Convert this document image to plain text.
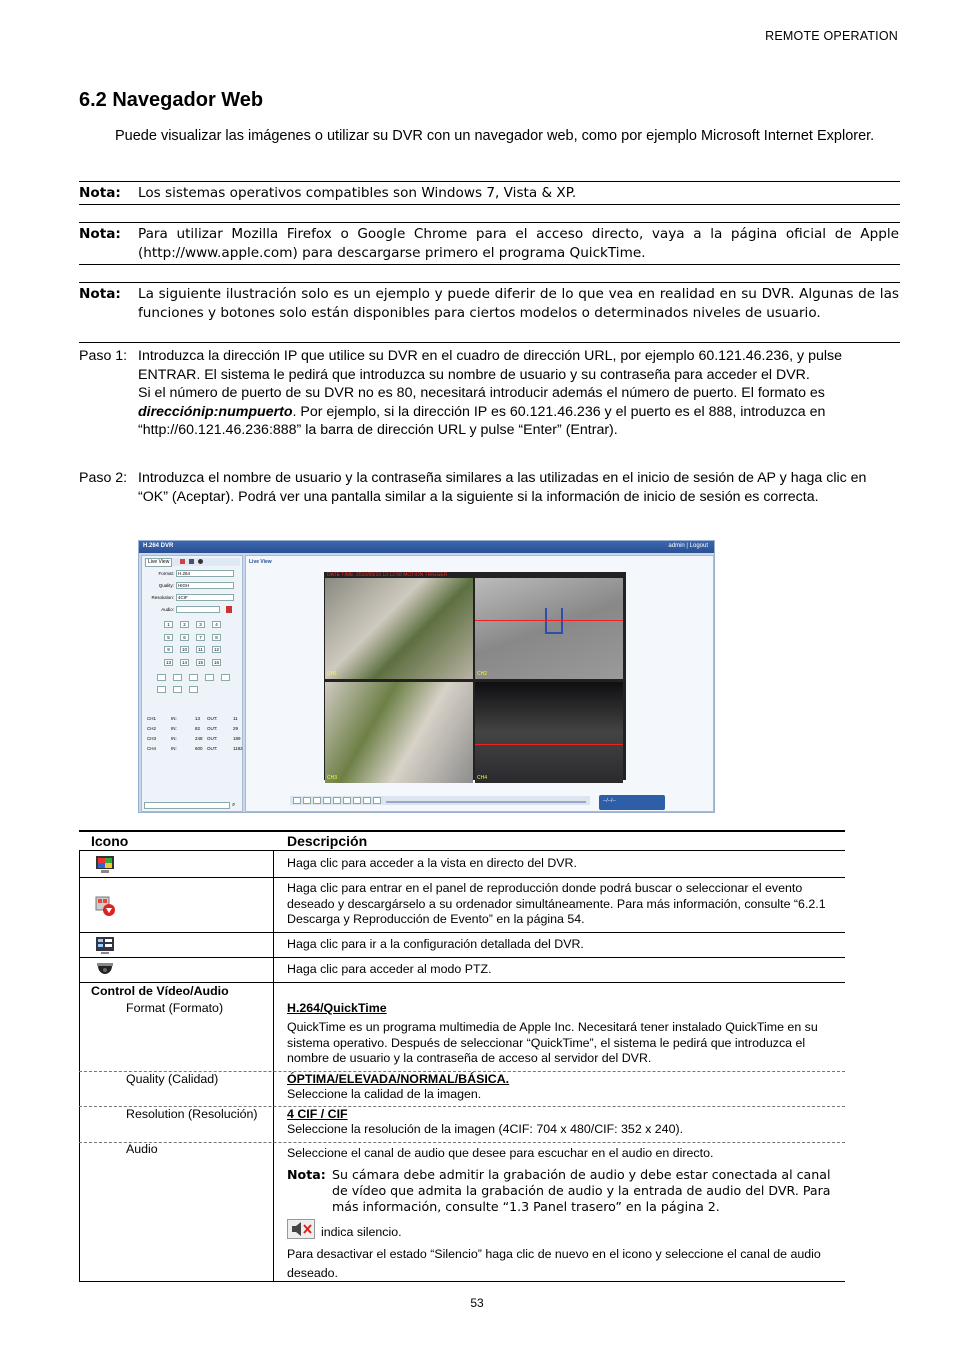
REMOTE OPERATION
6.2 Navegador Web
Puede visualizar las imágenes o utilizar su DVR con un navegador web, como por ejemplo Microsoft Internet Explorer.
Nota:	Los sistemas operativos compatibles son Windows 7, Vista & XP.
Nota:	Para utilizar Mozilla Firefox o Google Chrome para el acceso directo, vaya a la página oficial de Apple (http://www.apple.com) para descargarse primero el programa QuickTime.
Nota:	La siguiente ilustración solo es un ejemplo y puede diferir de lo que vea en realidad en su DVR. Algunas de las funciones y botones solo están disponibles para ciertos modelos o determinados niveles de usuario.
Paso 1: Introduzca la dirección IP que utilice su DVR en el cuadro de dirección URL, por ejemplo 60.121.46.236, y pulse ENTRAR. El sistema le pedirá que introduzca su nombre de usuario y su contraseña para acceder el DVR.
Si el número de puerto de su DVR no es 80, necesitará introducir además el número de puerto. El formato es direcciónip:numpuerto. Por ejemplo, si la dirección IP es 60.121.46.236 y el puerto es el 888, introduzca en “http://60.121.46.236:888” la barra de dirección URL y pulse “Enter” (Entrar).
Paso 2: Introduzca el nombre de usuario y la contraseña similares a las utilizadas en el inicio de sesión de AP y haga clic en “OK” (Aceptar). Podrá ver una pantalla similar a la siguiente si la información de inicio de sesión es correcta.
H.264 DVR	admin | Logout
Live View
Format: H.264
Quality: HIGH
Resolution: 4CIF
Audio:
1	2	3	4
5	6	7	8
9	10	11	12
13	14	15	16
CH1	IN:	13 OUT:	11
CH2	IN:	82 OUT:	29
CH3	IN:	248 OUT:	189
CH4	IN:	600 OUT:	1182
⌕
Live View
DATE TIME: 2010/09/19 13:12:58 MOTION TRIGGER
CH1	CH2
CH3	CH4
--/--/--
Icono	Descripción
Haga clic para acceder a la vista en directo del DVR.
Haga clic para entrar en el panel de reproducción donde podrá buscar o seleccionar el evento deseado y descargárselo a su ordenador simultáneamente. Para más información, consulte “6.2.1 Descarga y Reproducción de Evento” en la página 54.
Haga clic para ir a la configuración detallada del DVR.
Haga clic para acceder al modo PTZ.
Control de Vídeo/Audio
Format (Formato)	H.264/QuickTime
QuickTime es un programa multimedia de Apple Inc. Necesitará tener instalado QuickTime en su sistema operativo. Después de seleccionar “QuickTime”, el sistema le pedirá que introduzca el nombre de usuario y la contraseña de acceso al servidor del DVR.
Quality (Calidad)	ÓPTIMA/ELEVADA/NORMAL/BÁSICA.
Seleccione la calidad de la imagen.
Resolution (Resolución) 4 CIF / CIF
Seleccione la resolución de la imagen (4CIF: 704 x 480/CIF: 352 x 240).
Audio	Seleccione el canal de audio que desee para escuchar en el audio en directo.
Nota: Su cámara debe admitir la grabación de audio y debe estar conectada al canal de vídeo que admita la grabación de audio y la entrada de audio del DVR. Para más información, consulte “1.3 Panel trasero” en la página 2.
indica silencio.
Para desactivar el estado “Silencio” haga clic de nuevo en el icono y seleccione el canal de audio deseado.
53
